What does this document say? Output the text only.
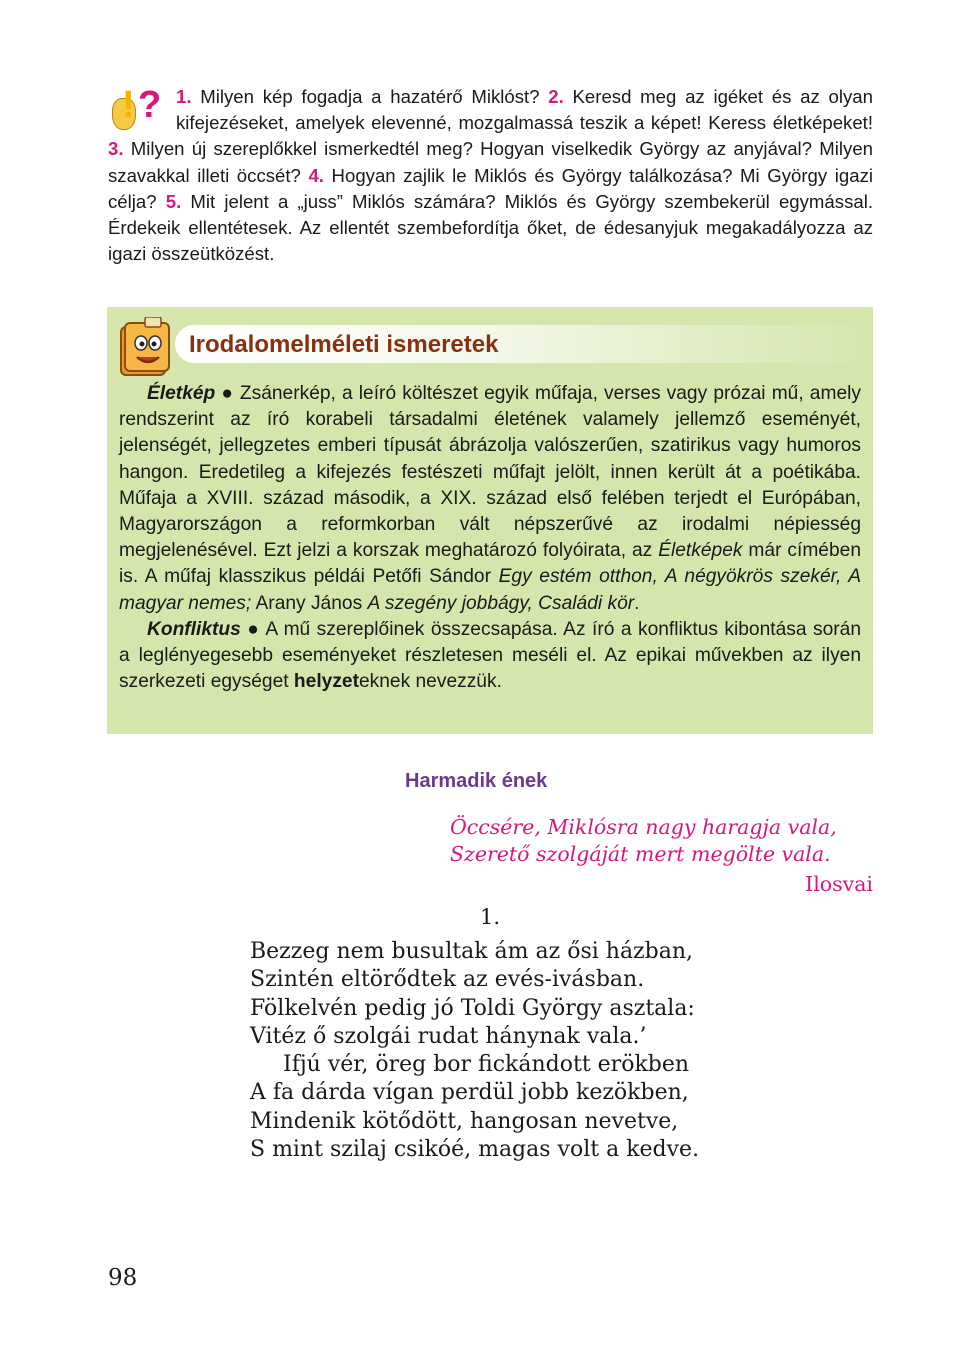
! ? 1. Milyen kép fogadja a hazatérő Miklóst? 2. Keresd meg az igéket és az olyan kifejezéseket, amelyek elevenné, mozgalmassá teszik a képet! Keress életképeket! 3. Milyen új szereplőkkel ismerkedtél meg? Hogyan viselkedik György az anyjával? Milyen szavakkal illeti öccsét? 4. Hogyan zajlik le Miklós és György találkozása? Mi György igazi célja? 5. Mit jelent a „juss” Miklós számára? Miklós és György szembekerül egymással. Érdekeik ellentétesek. Az ellentét szembefordítja őket, de édesanyjuk megakadályozza az igazi összeütközést.
Irodalomelméleti ismeretek

Életkép ● Zsánerkép, a leíró költészet egyik műfaja, verses vagy prózai mű, amely rendszerint az író korabeli társadalmi életének valamely jellemző eseményét, jelenségét, jellegzetes emberi típusát ábrázolja valószerűen, szatirikus vagy humoros hangon. Eredetileg a kifejezés festészeti műfajt jelölt, innen került át a poétikába. Műfaja a XVIII. század második, a XIX. század első felében terjedt el Európában, Magyarországon a reformkorban vált népszerűvé az irodalmi népiesség megjelenésével. Ezt jelzi a korszak meghatározó folyóirata, az Életképek már címében is. A műfaj klasszikus példái Petőfi Sándor Egy estém otthon, A négyökrös szekér, A magyar nemes; Arany János A szegény jobbágy, Családi kör.

Konfliktus ● A mű szereplőinek összecsapása. Az író a konfliktus kibontása során a leglényegesebb eseményeket részletesen meséli el. Az epikai művekben az ilyen szerkezeti egységet helyzeteknek nevezzük.

Harmadik ének
Öccsére, Miklósra nagy haragja vala,
Szerető szolgáját mert megölte vala.
Ilosvai
1.
Bezzeg nem busultak ám az ősi házban,
Szintén eltörődtek az evés-ivásban.
Fölkelvén pedig jó Toldi György asztala:
Vitéz ő szolgái rudat hánynak vala.’
Ifjú vér, öreg bor fickándott erökben
A fa dárda vígan perdül jobb kezökben,
Mindenik kötődött, hangosan nevetve,
S mint szilaj csikóé, magas volt a kedve.
98
